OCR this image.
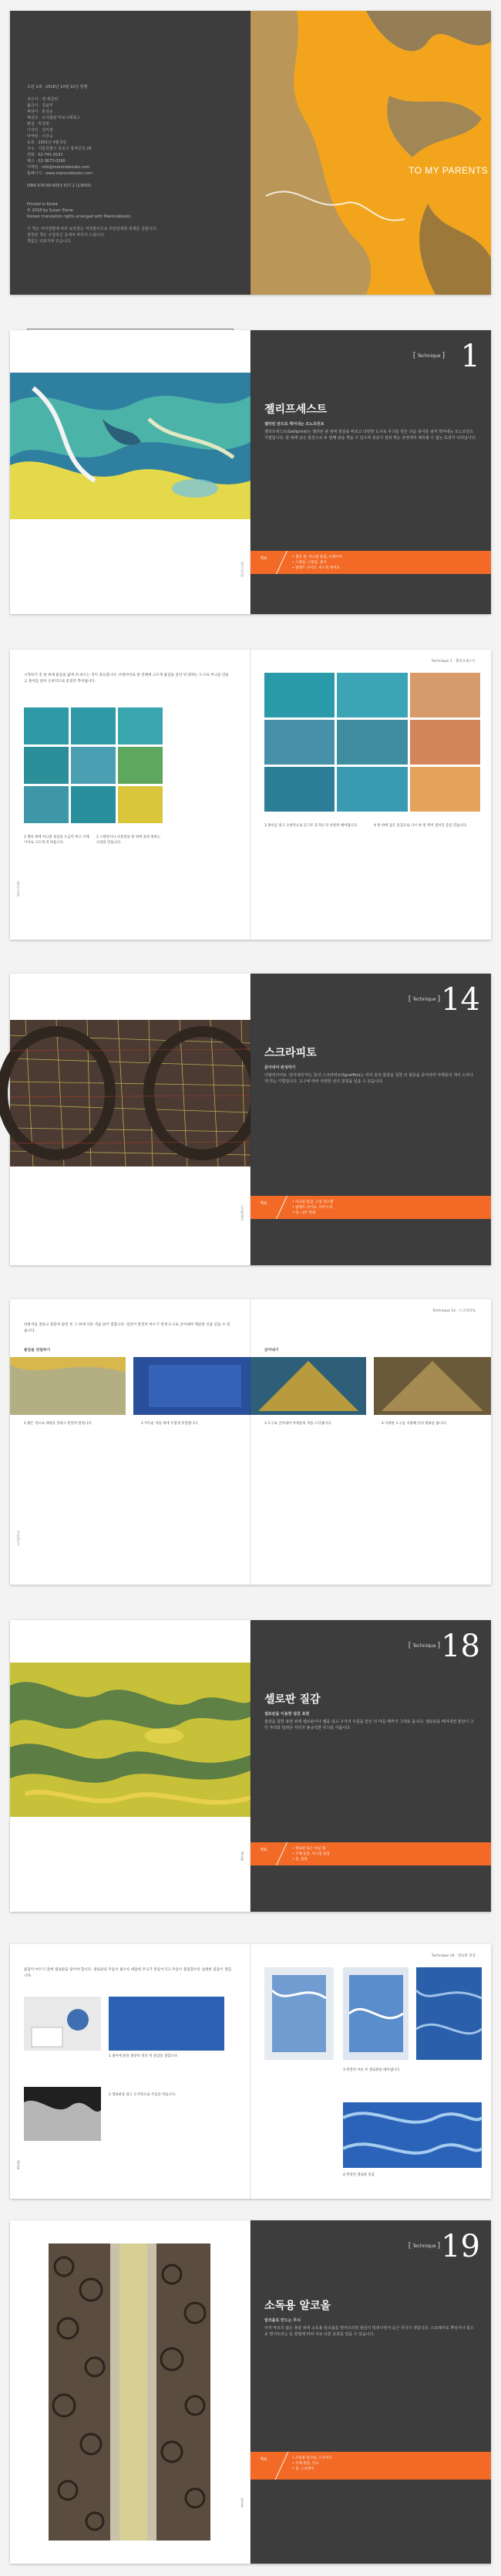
초판 1쇄 · 2018년 10월 10일 발행
지은이 · 앤 세클러
옮긴이 · 김윤미
펴낸이 · 홍성순
펴낸곳 · 도서출판 마로니에북스
편집 · 박경희
디자인 · 김미정
마케팅 · 이진숙
등록 · 2001년 4월 5일
주소 · 서울특별시 종로구 창덕궁길 29
전화 · 02-741-9191
팩스 · 02-3673-0260
이메일 · info@maroniebooks.com
홈페이지 · www.maroniebooks.com
ISBN 978-89-6053-537-2 (13650)
Printed in Korea
© 2018 by Susan Stone
Korean translation rights arranged with Maroniebooks
이 책은 저작권법에 따라 보호받는 저작물이므로 무단전재와 복제를 금합니다.
잘못된 책은 구입하신 곳에서 바꾸어 드립니다.
책값은 뒤표지에 있습니다.
TO MY PARENTS
실크스크린
[ Technique ] 1
젤리프세스트
젤라틴 판으로 찍어내는 모노프린트
젤리프세스트(Gelliprint)는 젤라틴 판 위에 물감을 바르고 다양한 도구로 무늬를 만든 다음 종이를 덮어 찍어내는 모노프린트 기법입니다. 판 위에 남은 물감으로 두 번째 판을 찍을 수 있으며 층층이 겹쳐 찍는 과정에서 예측할 수 없는 효과가 나타납니다.
재료	• 젤리 판, 아크릴 물감, 브레이어
• 스텐실, 나뭇잎, 종이
• 팔레트 나이프, 마스킹 테이프
시작하기 전 판 위에 물감을 얇게 펴 바르는 것이 중요합니다. 브레이어로 판 전체에 고르게 물감을 굴린 뒤 원하는 도구로 무늬를 만들고 종이를 덮어 손바닥으로 문질러 찍어냅니다.
1 젤리 판에 아크릴 물감을 조금씩 짜고 브레이어로 고르게 펴 바릅니다.
2 스텐실이나 나뭇잎을 판 위에 올려 원하는 모양을 만듭니다.
실크스크린
Technique 1 · 젤리프세스트
3 종이를 덮고 손바닥으로 골고루 문지른 뒤 천천히 떼어냅니다.	4 판 위에 남은 물감으로 다시 한 번 찍어 겹쳐진 층을 만듭니다.
스크라피토
[ Technique ] 14
스크라피토
긁어내어 완성하기
이탈리아어로 '긁어내다'라는 뜻의 스크라피토(Sgraffito)는 여러 층의 물감을 칠한 뒤 윗층을 긁어내어 아래층의 색이 드러나게 하는 기법입니다. 도구에 따라 다양한 선의 질감을 얻을 수 있습니다.
재료	• 아크릴 물감, 오일 파스텔
• 팔레트 나이프, 이쑤시개
• 빗, 나무 막대
바탕색을 칠하고 충분히 말린 후 그 위에 다른 색을 덮어 칠합니다. 윗층이 완전히 마르기 전에 도구로 긁어내야 깨끗한 선을 얻을 수 있습니다.
물감을 덧칠하기
1 밝은 색으로 바탕을 칠하고 완전히 말립니다.	2 어두운 색을 위에 두껍게 덧칠합니다.
스크라피토
Technique 14 · 스크라피토
긁어내기
3 도구로 긁어내어 아래층의 색을 드러냅니다.	4 다양한 도구를 사용해 선의 변화를 줍니다.
셀로판
[ Technique ] 18
셀로판 질감
셀로판을 이용한 질감 표현
물감을 칠한 표면 위에 셀로판이나 랩을 덮고 구겨서 주름을 만든 뒤 마를 때까지 그대로 둡니다. 셀로판을 떼어내면 물감이 고인 자리와 밀려난 자리가 불규칙한 무늬를 이룹니다.
재료	• 셀로판 또는 비닐 랩
• 수채 물감, 아크릴 물감
• 붓, 물통
물감이 마르기 전에 셀로판을 덮어야 합니다. 셀로판의 주름이 클수록 대담한 무늬가 만들어지고 주름이 촘촘할수록 섬세한 질감이 생깁니다.
1 종이에 물을 충분히 적신 뒤 물감을 칠합니다.
2 셀로판을 덮고 손가락으로 주름을 만듭니다.
셀로판
Technique 18 · 셀로판 질감
3 완전히 마른 후 셀로판을 떼어냅니다.
4 완성된 셀로판 질감
알코올
[ Technique ] 19
소독용 알코올
알코올로 만드는 무늬
아직 마르지 않은 물감 위에 소독용 알코올을 떨어뜨리면 물감이 밀려나면서 둥근 무늬가 생깁니다. 스프레이로 뿌리거나 붓으로 떨어뜨리는 등 방법에 따라 서로 다른 효과를 얻을 수 있습니다.
재료	• 소독용 알코올, 스포이트
• 수채 물감, 잉크
• 붓, 스프레이
